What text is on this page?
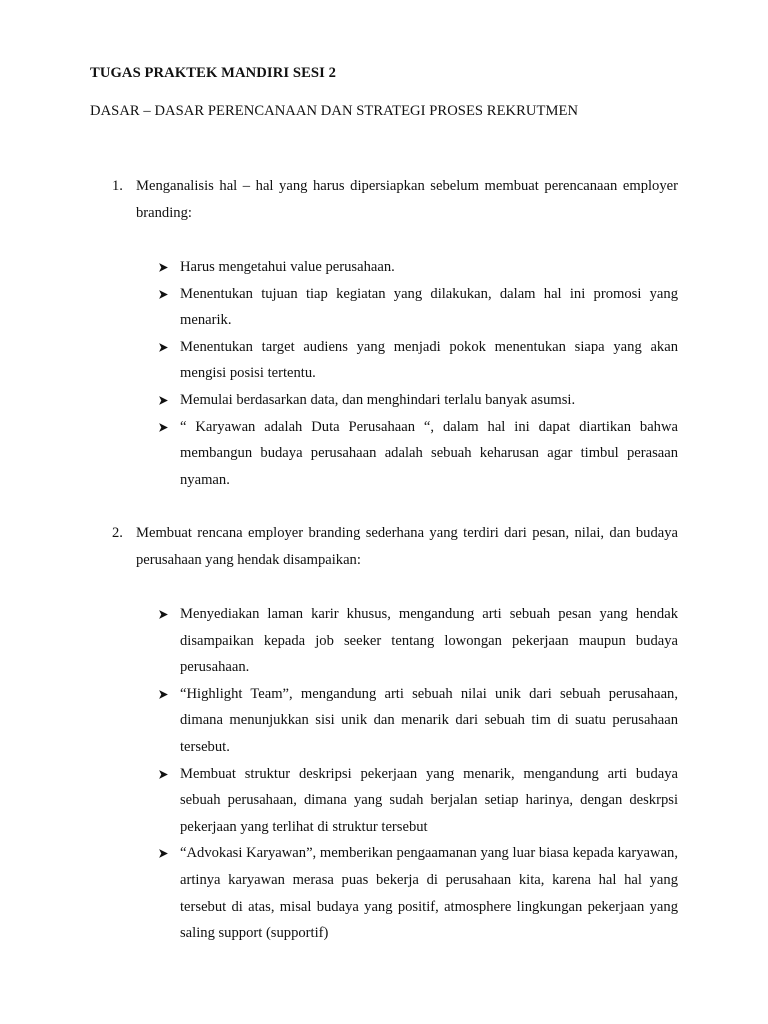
TUGAS PRAKTEK MANDIRI SESI 2
DASAR – DASAR PERENCANAAN DAN STRATEGI PROSES REKRUTMEN
1. Menganalisis hal – hal yang harus dipersiapkan sebelum membuat perencanaan employer branding:
Harus mengetahui value perusahaan.
Menentukan tujuan tiap kegiatan yang dilakukan, dalam hal ini promosi yang menarik.
Menentukan target audiens yang menjadi pokok menentukan siapa yang akan mengisi posisi tertentu.
Memulai berdasarkan data, dan menghindari terlalu banyak asumsi.
“ Karyawan adalah Duta Perusahaan “, dalam hal ini dapat diartikan bahwa membangun budaya perusahaan adalah sebuah keharusan agar timbul perasaan nyaman.
2. Membuat rencana employer branding sederhana yang terdiri dari pesan, nilai, dan budaya perusahaan yang hendak disampaikan:
Menyediakan laman karir khusus, mengandung arti sebuah pesan yang hendak disampaikan kepada job seeker tentang lowongan pekerjaan maupun budaya perusahaan.
“Highlight Team”, mengandung arti sebuah nilai unik dari sebuah perusahaan, dimana menunjukkan sisi unik dan menarik dari sebuah tim di suatu perusahaan tersebut.
Membuat struktur deskripsi pekerjaan yang menarik, mengandung arti budaya sebuah perusahaan, dimana yang sudah berjalan setiap harinya, dengan deskrpsi pekerjaan yang terlihat di struktur tersebut
“Advokasi Karyawan”, memberikan pengaamanan yang luar biasa kepada karyawan, artinya karyawan merasa puas bekerja di perusahaan kita, karena hal hal yang tersebut di atas, misal budaya yang positif, atmosphere lingkungan pekerjaan yang saling support (supportif)
